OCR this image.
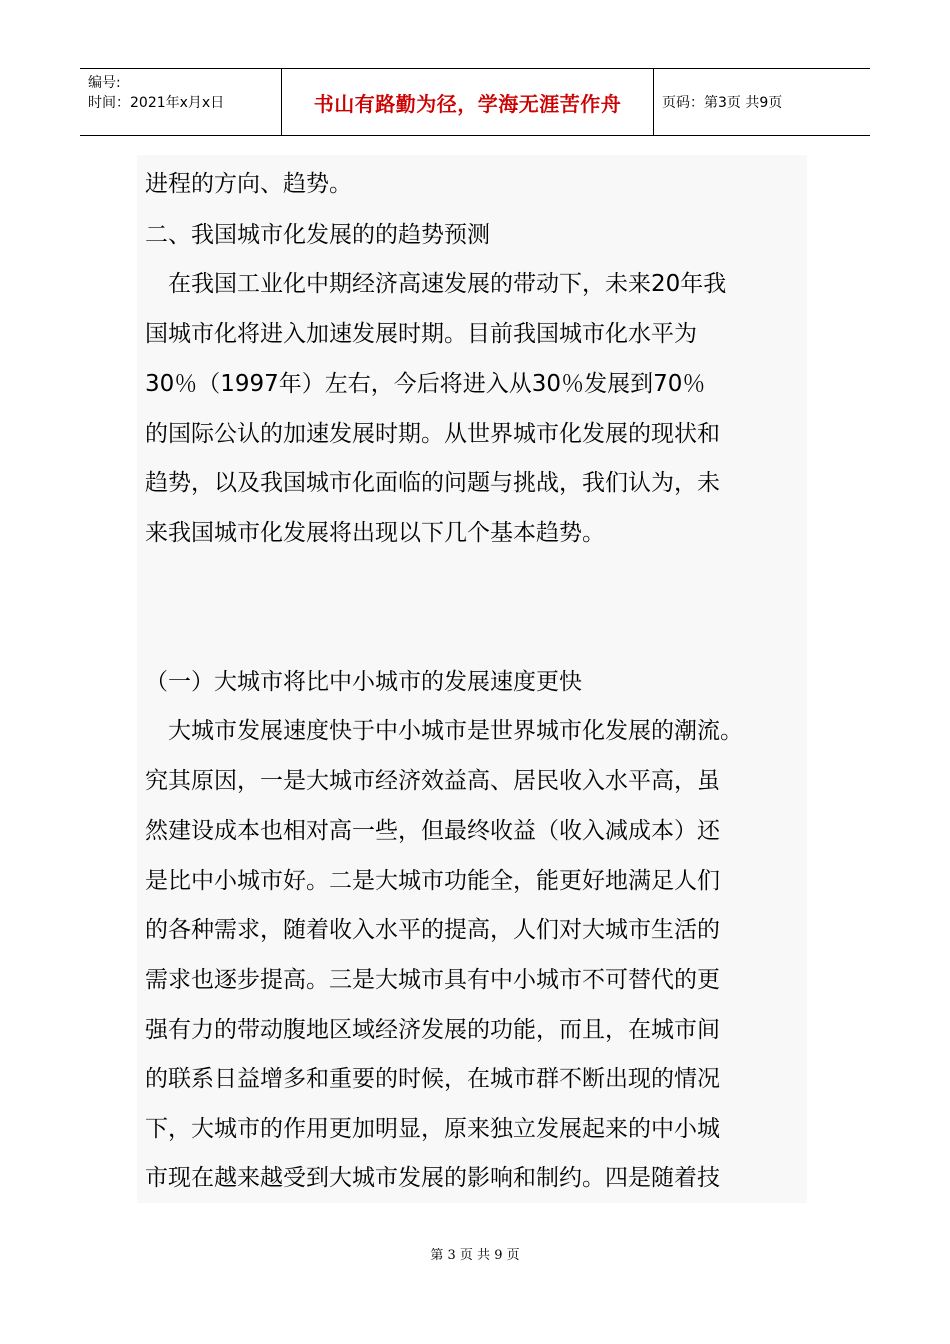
编号:
时间：2021年x月x日	书山有路勤为径，学海无涯苦作舟	页码：第3页 共9页
进程的方向、趋势。
二、我国城市化发展的的趋势预测
　在我国工业化中期经济高速发展的带动下，未来20年我
国城市化将进入加速发展时期。目前我国城市化水平为
30％（1997年）左右，今后将进入从30％发展到70％
的国际公认的加速发展时期。从世界城市化发展的现状和
趋势，以及我国城市化面临的问题与挑战，我们认为，未
来我国城市化发展将出现以下几个基本趋势。
（一）大城市将比中小城市的发展速度更快
　大城市发展速度快于中小城市是世界城市化发展的潮流。
究其原因，一是大城市经济效益高、居民收入水平高，虽
然建设成本也相对高一些，但最终收益（收入减成本）还
是比中小城市好。二是大城市功能全，能更好地满足人们
的各种需求，随着收入水平的提高，人们对大城市生活的
需求也逐步提高。三是大城市具有中小城市不可替代的更
强有力的带动腹地区域经济发展的功能，而且，在城市间
的联系日益增多和重要的时候，在城市群不断出现的情况
下，大城市的作用更加明显，原来独立发展起来的中小城
市现在越来越受到大城市发展的影响和制约。四是随着技
第 3 页 共 9 页
